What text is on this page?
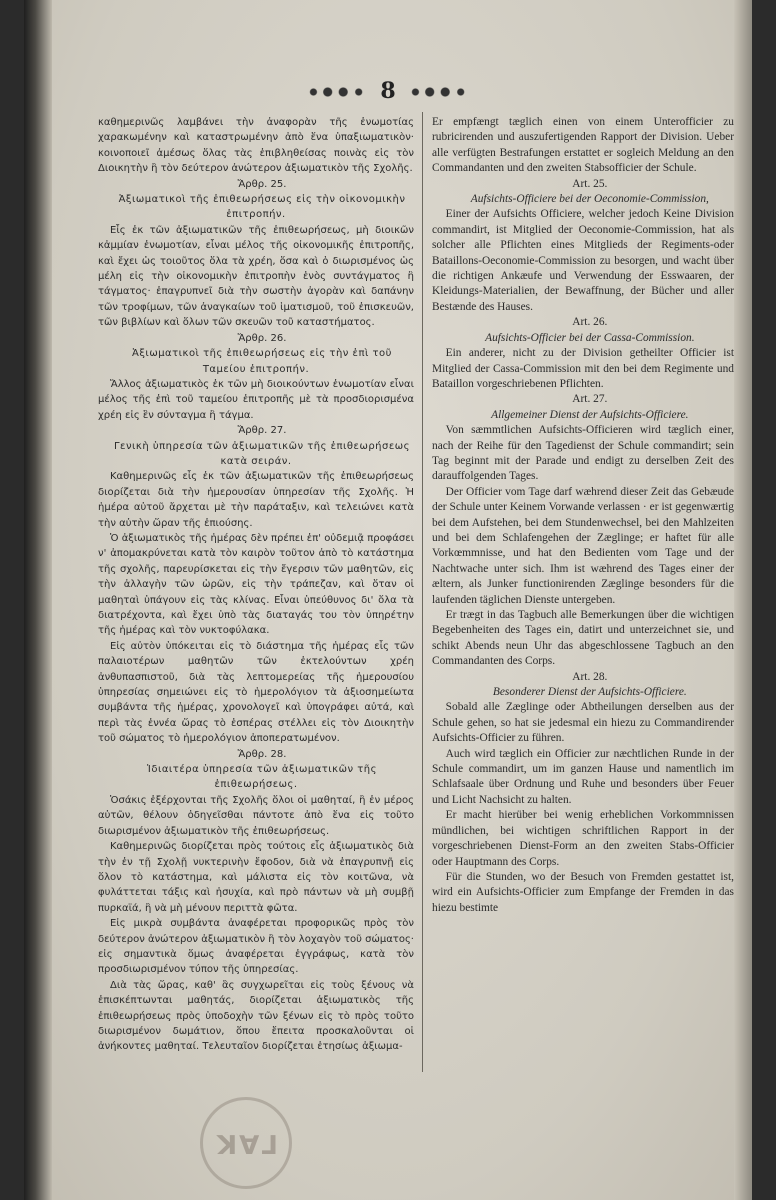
8

καθημερινῶς λαμβάνει τὴν ἀναφορὰν τῆς ἐνωμοτίας χαρακωμένην καὶ καταστρωμένην ἀπὸ ἕνα ὑπαξιωματικὸν· κοινοποιεῖ ἀμέσως ὅλας τὰς ἐπιβληθείσας ποινὰς εἰς τὸν Διοικητὴν ἢ τὸν δεύτερον ἀνώτερον ἀξιωματικὸν τῆς Σχολῆς.

Ἄρθρ. 25.

Ἀξιωματικοὶ τῆς ἐπιθεωρήσεως εἰς τὴν οἰκονομικὴν ἐπιτροπήν.

Εἷς ἐκ τῶν ἀξιωματικῶν τῆς ἐπιθεωρήσεως, μὴ διοικῶν κἀμμίαν ἐνωμοτίαν, εἶναι μέλος τῆς οἰκονομικῆς ἐπιτροπῆς, καὶ ἔχει ὡς τοιοῦτος ὅλα τὰ χρέη, ὅσα καὶ ὁ διωρισμένος ὡς μέλη εἰς τὴν οἰκονομικὴν ἐπιτροπὴν ἑνὸς συντάγματος ἢ τάγματος· ἐπαγρυπνεῖ διὰ τὴν σωστὴν ἀγορὰν καὶ δαπάνην τῶν τροφίμων, τῶν ἀναγκαίων τοῦ ἱματισμοῦ, τοῦ ἐπισκευῶν, τῶν βιβλίων καὶ ὅλων τῶν σκευῶν τοῦ καταστήματος.

Ἄρθρ. 26.

Ἀξιωματικοὶ τῆς ἐπιθεωρήσεως εἰς τὴν ἐπὶ τοῦ Ταμείου ἐπιτροπήν.

Ἄλλος ἀξιωματικὸς ἐκ τῶν μὴ διοικούντων ἐνωμοτίαν εἶναι μέλος τῆς ἐπὶ τοῦ ταμείου ἐπιτροπῆς μὲ τὰ προσδιορισμένα χρέη εἰς ἓν σύνταγμα ἢ τάγμα.

Ἄρθρ. 27.

Γενικὴ ὑπηρεσία τῶν ἀξιωματικῶν τῆς ἐπιθεωρήσεως κατὰ σειράν.

Καθημερινῶς εἷς ἐκ τῶν ἀξιωματικῶν τῆς ἐπιθεωρήσεως διορίζεται διὰ τὴν ἡμερουσίαν ὑπηρεσίαν τῆς Σχολῆς. Ἡ ἡμέρα αὐτοῦ ἄρχεται μὲ τὴν παράταξιν, καὶ τελειώνει κατὰ τὴν αὐτὴν ὥραν τῆς ἐπιούσης.

Ὁ ἀξιωματικὸς τῆς ἡμέρας δὲν πρέπει ἐπ' οὐδεμιᾷ προφάσει ν' ἀπομακρύνεται κατὰ τὸν καιρὸν τοῦτον ἀπὸ τὸ κατάστημα τῆς σχολῆς, παρευρίσκεται εἰς τὴν ἔγερσιν τῶν μαθητῶν, εἰς τὴν ἀλλαγὴν τῶν ὡρῶν, εἰς τὴν τράπεζαν, καὶ ὅταν οἱ μαθηταὶ ὑπάγουν εἰς τὰς κλίνας. Εἶναι ὑπεύθυνος δι' ὅλα τὰ διατρέχοντα, καὶ ἔχει ὑπὸ τὰς διαταγάς του τὸν ὑπηρέτην τῆς ἡμέρας καὶ τὸν νυκτοφύλακα.

Εἰς αὐτὸν ὑπόκειται εἰς τὸ διάστημα τῆς ἡμέρας εἷς τῶν παλαιοτέρων μαθητῶν τῶν ἐκτελούντων χρέη ἀνθυπασπιστοῦ, διὰ τὰς λεπτομερείας τῆς ἡμερουσίου ὑπηρεσίας σημειώνει εἰς τὸ ἡμερολόγιον τὰ ἀξιοσημείωτα συμβάντα τῆς ἡμέρας, χρονολογεῖ καὶ ὑπογράφει αὐτά, καὶ περὶ τὰς ἐννέα ὥρας τὸ ἑσπέρας στέλλει εἰς τὸν Διοικητὴν τοῦ σώματος τὸ ἡμερολόγιον ἀποπερατωμένον.

Ἄρθρ. 28.

Ἰδιαιτέρα ὑπηρεσία τῶν ἀξιωματικῶν τῆς ἐπιθεωρήσεως.

Ὁσάκις ἐξέρχονται τῆς Σχολῆς ὅλοι οἱ μαθηταί, ἢ ἐν μέρος αὐτῶν, θέλουν ὁδηγεῖσθαι πάντοτε ἀπὸ ἕνα εἰς τοῦτο διωρισμένον ἀξιωματικὸν τῆς ἐπιθεωρήσεως.

Καθημερινῶς διορίζεται πρὸς τούτοις εἷς ἀξιωματικὸς διὰ τὴν ἐν τῇ Σχολῇ νυκτερινὴν ἔφοδον, διὰ νὰ ἐπαγρυπνῇ εἰς ὅλον τὸ κατάστημα, καὶ μάλιστα εἰς τὸν κοιτῶνα, νὰ φυλάττεται τάξις καὶ ἡσυχία, καὶ πρὸ πάντων νὰ μὴ συμβῇ πυρκαϊά, ἢ νὰ μὴ μένουν περιττὰ φῶτα.

Εἰς μικρὰ συμβάντα ἀναφέρεται προφορικῶς πρὸς τὸν δεύτερον ἀνώτερον ἀξιωματικὸν ἢ τὸν λοχαγὸν τοῦ σώματος· εἰς σημαντικὰ ὅμως ἀναφέρεται ἐγγράφως, κατὰ τὸν προσδιωρισμένον τύπον τῆς ὑπηρεσίας.

Διὰ τὰς ὥρας, καθ' ἃς συγχωρεῖται εἰς τοὺς ξένους νὰ ἐπισκέπτωνται μαθητάς, διορίζεται ἀξιωματικὸς τῆς ἐπιθεωρήσεως πρὸς ὑποδοχὴν τῶν ξένων εἰς τὸ πρὸς τοῦτο διωρισμένον δωμάτιον, ὅπου ἔπειτα προσκαλοῦνται οἱ ἀνήκοντες μαθηταί. Τελευταῖον διορίζεται ἐτησίως ἀξιωμα-

Er empfængt tæglich einen von einem Unterofficier zu rubricirenden und auszufertigenden Rapport der Division. Ueber alle verfügten Bestrafungen erstattet er sogleich Meldung an den Commandanten und den zweiten Stabsofficier der Schule.

Art. 25.

Aufsichts-Officiere bei der Oeconomie-Commission,

Einer der Aufsichts Officiere, welcher jedoch Keine Division commandirt, ist Mitglied der Oeconomie-Commission, hat als solcher alle Pflichten eines Mitglieds der Regiments-oder Bataillons-Oeconomie-Commission zu besorgen, und wacht über die richtigen Ankæufe und Verwendung der Esswaaren, der Kleidungs-Materialien, der Bewaffnung, der Bücher und aller Bestænde des Hauses.

Art. 26.

Aufsichts-Officier bei der Cassa-Commission.

Ein anderer, nicht zu der Division getheilter Officier ist Mitglied der Cassa-Commission mit den bei dem Regimente und Bataillon vorgeschriebenen Pflichten.

Art. 27.

Allgemeiner Dienst der Aufsichts-Officiere.

Von sæmmtlichen Aufsichts-Officieren wird tæglich einer, nach der Reihe für den Tagedienst der Schule commandirt; sein Tag beginnt mit der Parade und endigt zu derselben Zeit des darauffolgenden Tages.

Der Officier vom Tage darf wæhrend dieser Zeit das Gebæude der Schule unter Keinem Vorwande verlassen · er ist gegenwærtig bei dem Aufstehen, bei dem Stundenwechsel, bei den Mahlzeiten und bei dem Schlafengehen der Zæglinge; er haftet für alle Vorkœmmnisse, und hat den Bedienten vom Tage und der Nachtwache unter sich. Ihm ist wæhrend des Tages einer der æltern, als Junker functionirenden Zæglinge besonders für die laufenden täglichen Dienste untergeben.

Er trægt in das Tagbuch alle Bemerkungen über die wichtigen Begebenheiten des Tages ein, datirt und unterzeichnet sie, und schikt Abends neun Uhr das abgeschlossene Tagbuch an den Commandanten des Corps.

Art. 28.

Besonderer Dienst der Aufsichts-Officiere.

Sobald alle Zæglinge oder Abtheilungen derselben aus der Schule gehen, so hat sie jedesmal ein hiezu zu Commandirender Aufsichts-Officier zu führen.

Auch wird tæglich ein Officier zur næchtlichen Runde in der Schule commandirt, um im ganzen Hause und namentlich im Schlafsaale über Ordnung und Ruhe und besonders über Feuer und Licht Nachsicht zu halten.

Er macht hierüber bei wenig erheblichen Vorkommnissen mündlichen, bei wichtigen schriftlichen Rapport in der vorgeschriebenen Dienst-Form an den zweiten Stabs-Officier oder Hauptmann des Corps.

Für die Stunden, wo der Besuch von Fremden gestattet ist, wird ein Aufsichts-Officier zum Empfange der Fremden in das hiezu bestimte

ΓΑΚ
